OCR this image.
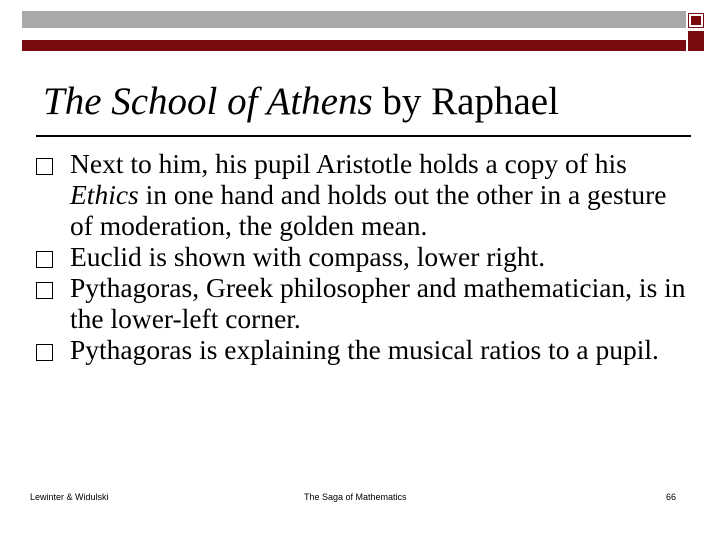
The School of Athens by Raphael
Next to him, his pupil Aristotle holds a copy of his Ethics in one hand and holds out the other in a gesture of moderation, the golden mean.
Euclid is shown with compass, lower right.
Pythagoras, Greek philosopher and mathematician, is in the lower-left corner.
Pythagoras is explaining the musical ratios to a pupil.
Lewinter & Widulski	The Saga of Mathematics	66
